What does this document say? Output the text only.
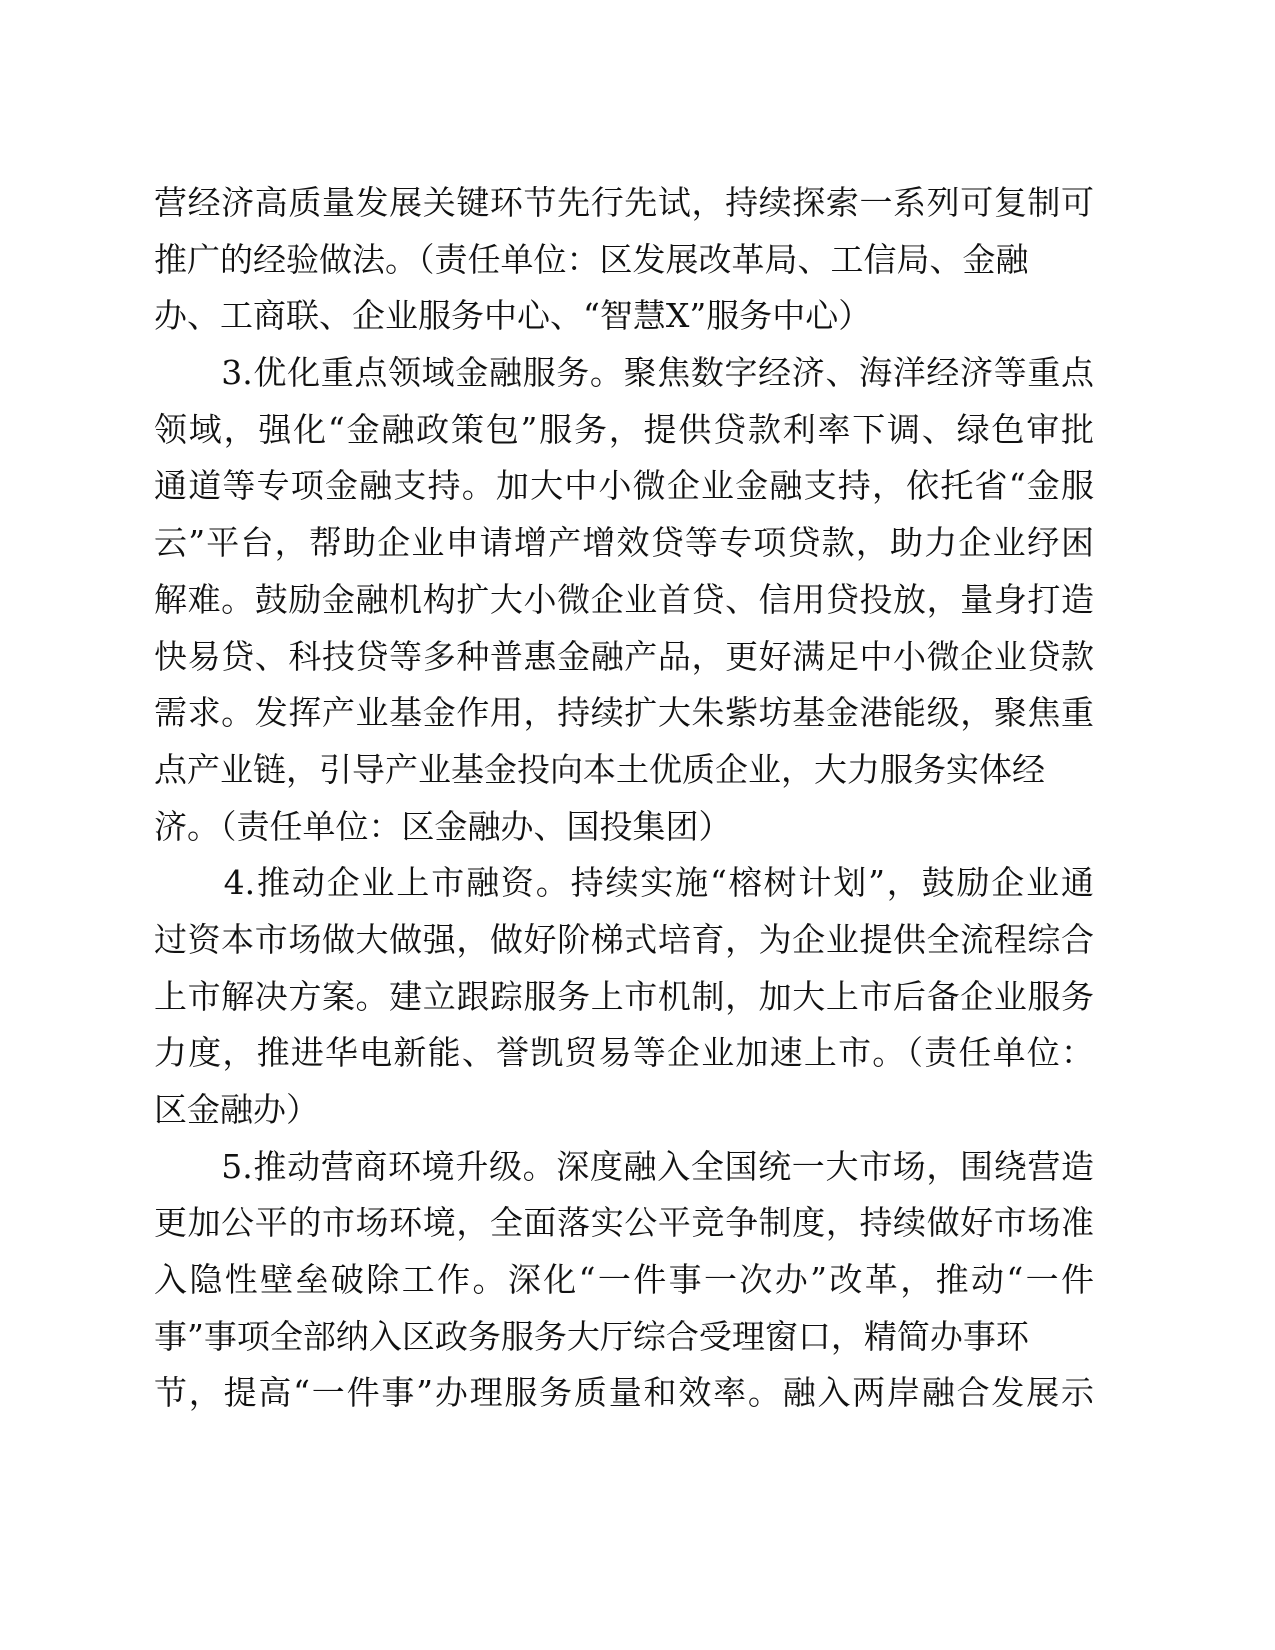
营经济高质量发展关键环节先行先试，持续探索一系列可复制可
推广的经验做法。（责任单位：区发展改革局、工信局、金融
办、工商联、企业服务中心、“智慧X”服务中心）
　　3.优化重点领域金融服务。聚焦数字经济、海洋经济等重点
领域，强化“金融政策包”服务，提供贷款利率下调、绿色审批
通道等专项金融支持。加大中小微企业金融支持，依托省“金服
云”平台，帮助企业申请增产增效贷等专项贷款，助力企业纾困
解难。鼓励金融机构扩大小微企业首贷、信用贷投放，量身打造
快易贷、科技贷等多种普惠金融产品，更好满足中小微企业贷款
需求。发挥产业基金作用，持续扩大朱紫坊基金港能级，聚焦重
点产业链，引导产业基金投向本土优质企业，大力服务实体经
济。（责任单位：区金融办、国投集团）
　　4.推动企业上市融资。持续实施“榕树计划”，鼓励企业通
过资本市场做大做强，做好阶梯式培育，为企业提供全流程综合
上市解决方案。建立跟踪服务上市机制，加大上市后备企业服务
力度，推进华电新能、誉凯贸易等企业加速上市。（责任单位：
区金融办）
　　5.推动营商环境升级。深度融入全国统一大市场，围绕营造
更加公平的市场环境，全面落实公平竞争制度，持续做好市场准
入隐性壁垒破除工作。深化“一件事一次办”改革，推动“一件
事”事项全部纳入区政务服务大厅综合受理窗口，精简办事环
节，提高“一件事”办理服务质量和效率。融入两岸融合发展示
